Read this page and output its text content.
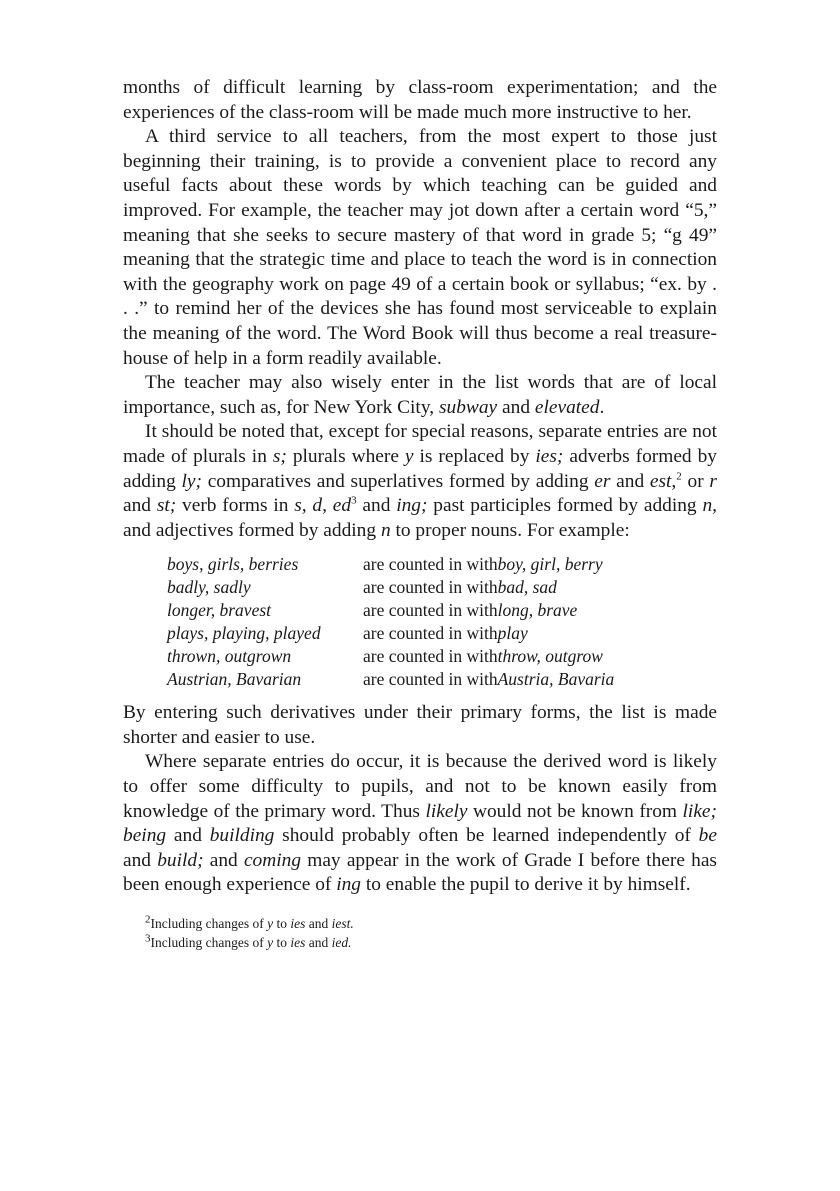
months of difficult learning by class-room experimentation; and the experiences of the class-room will be made much more instructive to her.

A third service to all teachers, from the most expert to those just beginning their training, is to provide a convenient place to record any useful facts about these words by which teaching can be guided and improved. For example, the teacher may jot down after a certain word “5,” meaning that she seeks to secure mastery of that word in grade 5; “g 49” meaning that the strategic time and place to teach the word is in connection with the geography work on page 49 of a certain book or syllabus; “ex. by . . .” to remind her of the devices she has found most serviceable to explain the meaning of the word. The Word Book will thus become a real treasure-house of help in a form readily available.

The teacher may also wisely enter in the list words that are of local importance, such as, for New York City, subway and elevated.

It should be noted that, except for special reasons, separate entries are not made of plurals in s; plurals where y is replaced by ies; adverbs formed by adding ly; comparatives and superlatives formed by adding er and est,$^2$ or r and st; verb forms in s, d, $ed^3$ and ing; past participles formed by adding n, and adjectives formed by adding n to proper nouns. For example:

boys, girls, berries	are counted in with	boy, girl, berry
badly, sadly	are counted in with	bad, sad
longer, bravest	are counted in with	long, brave
plays, playing, played	are counted in with	play
thrown, outgrown	are counted in with	throw, outgrow
Austrian, Bavarian	are counted in with	Austria, Bavaria

By entering such derivatives under their primary forms, the list is made shorter and easier to use.

Where separate entries do occur, it is because the derived word is likely to offer some difficulty to pupils, and not to be known easily from knowledge of the primary word. Thus likely would not be known from like; being and building should probably often be learned independently of be and build; and coming may appear in the work of Grade I before there has been enough experience of ing to enable the pupil to derive it by himself.

$^2$Including changes of y to ies and iest.
$^3$Including changes of y to ies and ied.
